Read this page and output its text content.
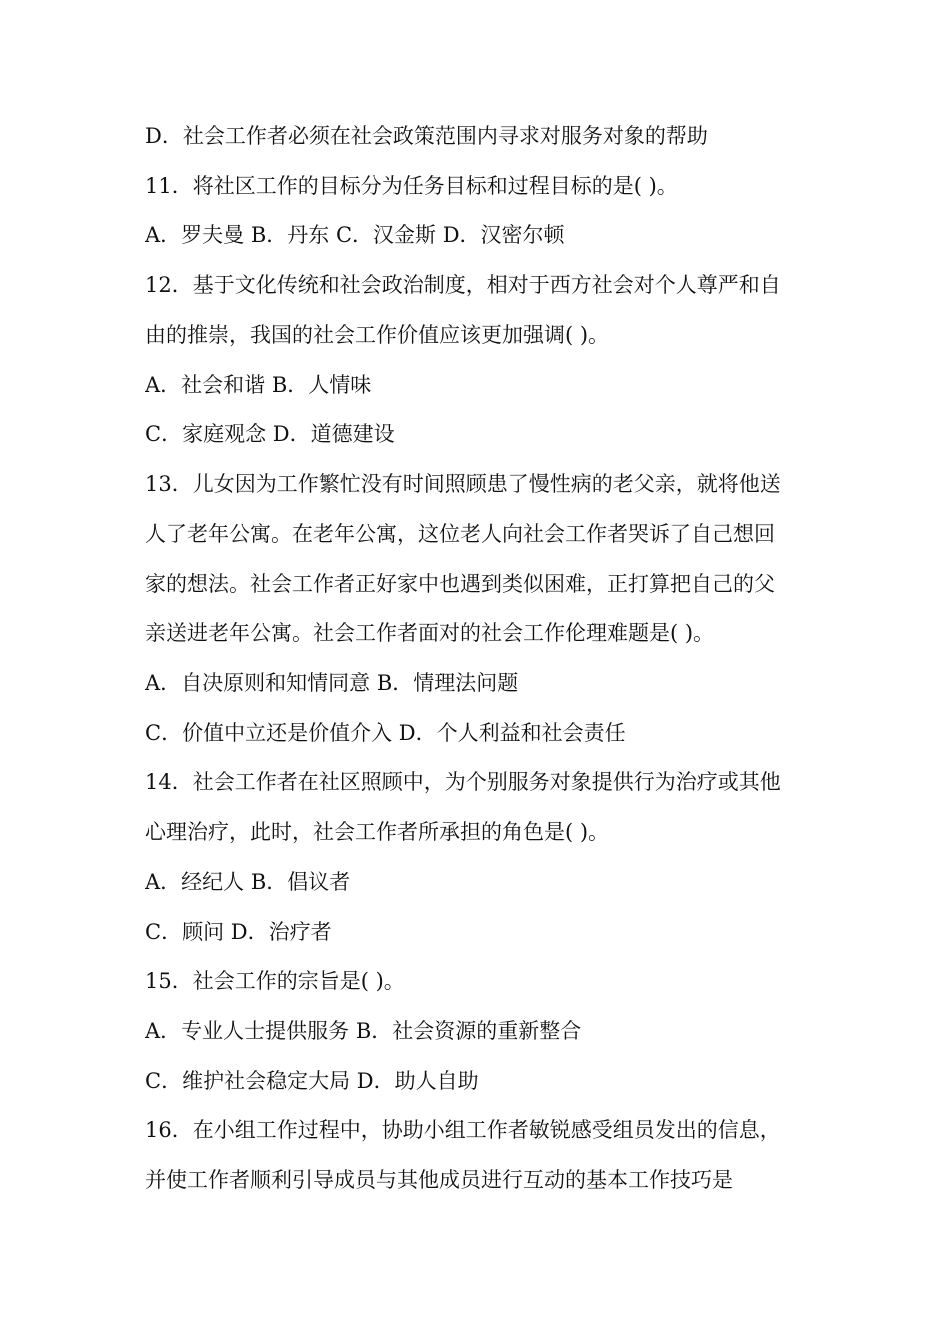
D．社会工作者必须在社会政策范围内寻求对服务对象的帮助
11．将社区工作的目标分为任务目标和过程目标的是( )。
A．罗夫曼 B．丹东 C．汉金斯 D．汉密尔顿
12．基于文化传统和社会政治制度，相对于西方社会对个人尊严和自
由的推崇，我国的社会工作价值应该更加强调( )。
A．社会和谐 B．人情味
C．家庭观念 D．道德建设
13．儿女因为工作繁忙没有时间照顾患了慢性病的老父亲，就将他送
人了老年公寓。在老年公寓，这位老人向社会工作者哭诉了自己想回
家的想法。社会工作者正好家中也遇到类似困难，正打算把自己的父
亲送进老年公寓。社会工作者面对的社会工作伦理难题是( )。
A．自决原则和知情同意 B．情理法问题
C．价值中立还是价值介入 D．个人利益和社会责任
14．社会工作者在社区照顾中，为个别服务对象提供行为治疗或其他
心理治疗，此时，社会工作者所承担的角色是( )。
A．经纪人 B．倡议者
C．顾问 D．治疗者
15．社会工作的宗旨是( )。
A．专业人士提供服务 B．社会资源的重新整合
C．维护社会稳定大局 D．助人自助
16．在小组工作过程中，协助小组工作者敏锐感受组员发出的信息，
并使工作者顺利引导成员与其他成员进行互动的基本工作技巧是
